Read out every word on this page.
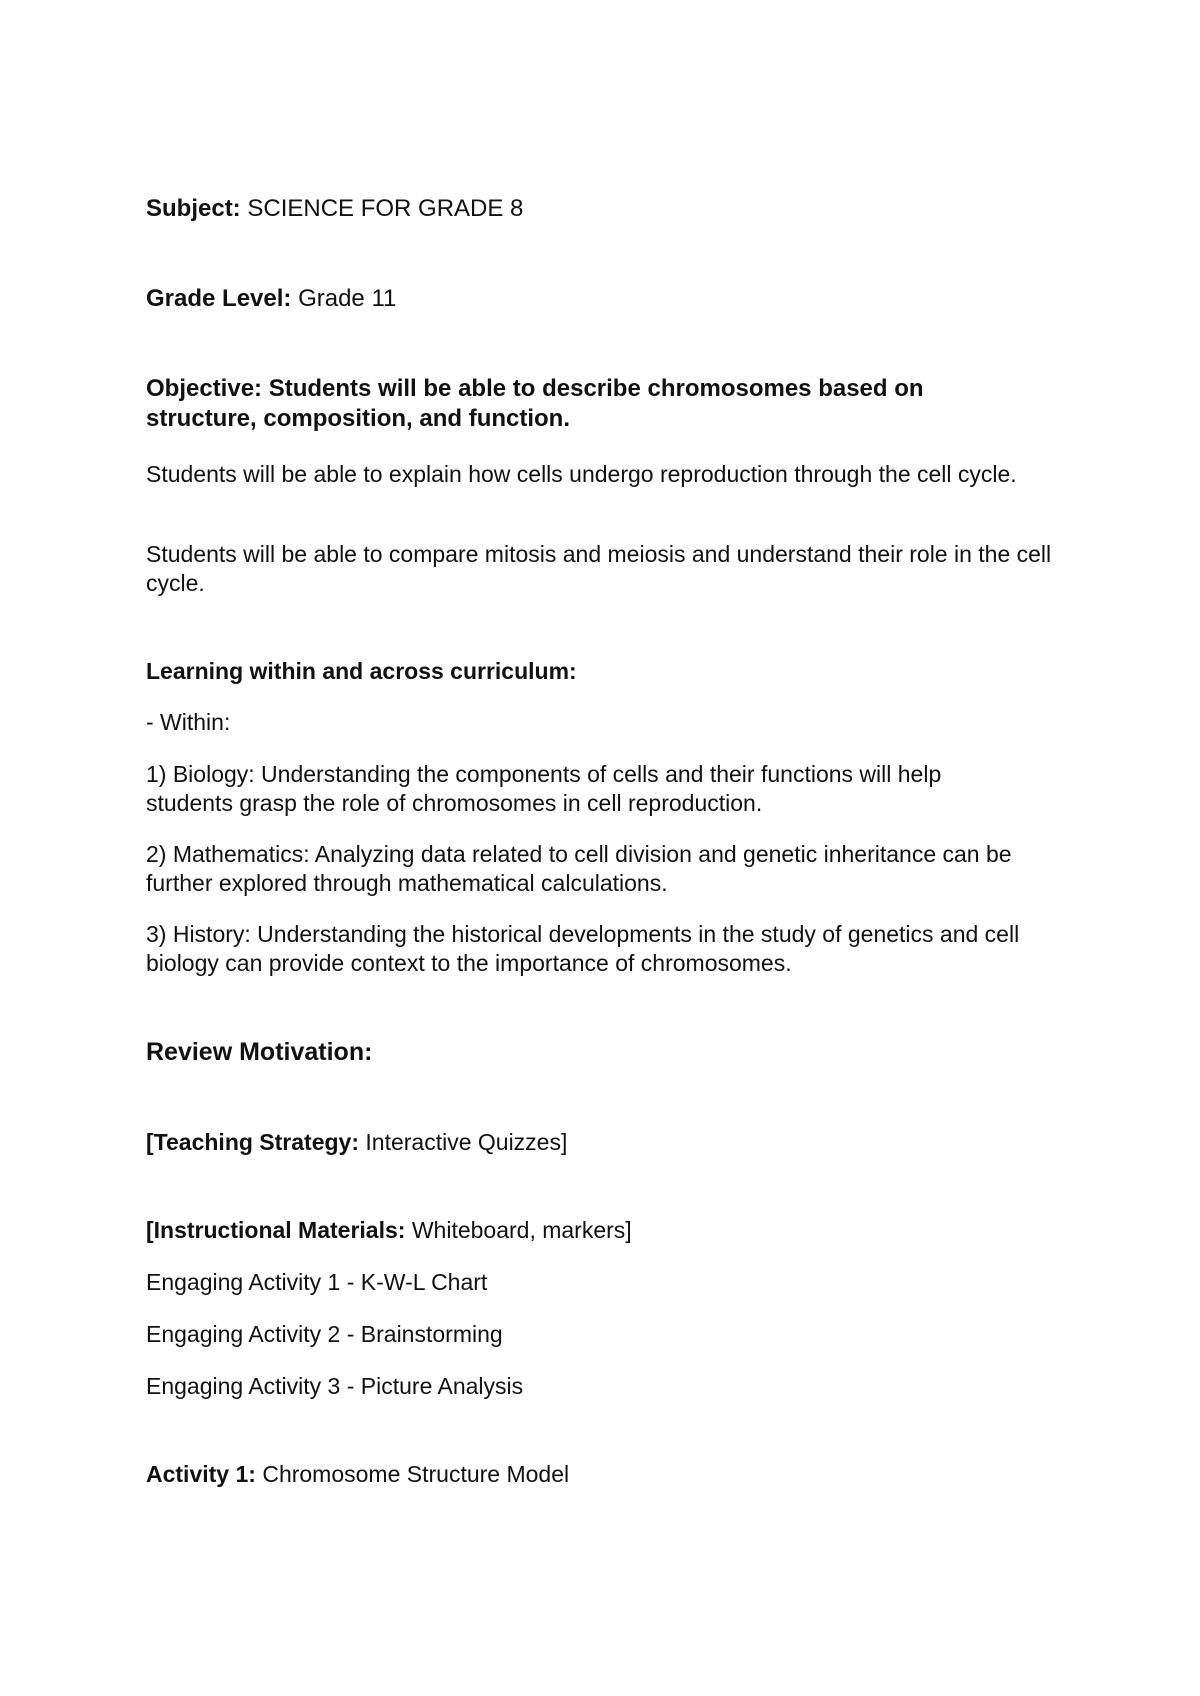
Subject: SCIENCE FOR GRADE 8

Grade Level: Grade 11

Objective: Students will be able to describe chromosomes based on structure, composition, and function.

Students will be able to explain how cells undergo reproduction through the cell cycle.

Students will be able to compare mitosis and meiosis and understand their role in the cell cycle.

Learning within and across curriculum:

- Within:

1) Biology: Understanding the components of cells and their functions will help students grasp the role of chromosomes in cell reproduction.

2) Mathematics: Analyzing data related to cell division and genetic inheritance can be further explored through mathematical calculations.

3) History: Understanding the historical developments in the study of genetics and cell biology can provide context to the importance of chromosomes.

Review Motivation:

[Teaching Strategy: Interactive Quizzes]

[Instructional Materials: Whiteboard, markers]

Engaging Activity 1 - K-W-L Chart

Engaging Activity 2 - Brainstorming

Engaging Activity 3 - Picture Analysis

Activity 1: Chromosome Structure Model
